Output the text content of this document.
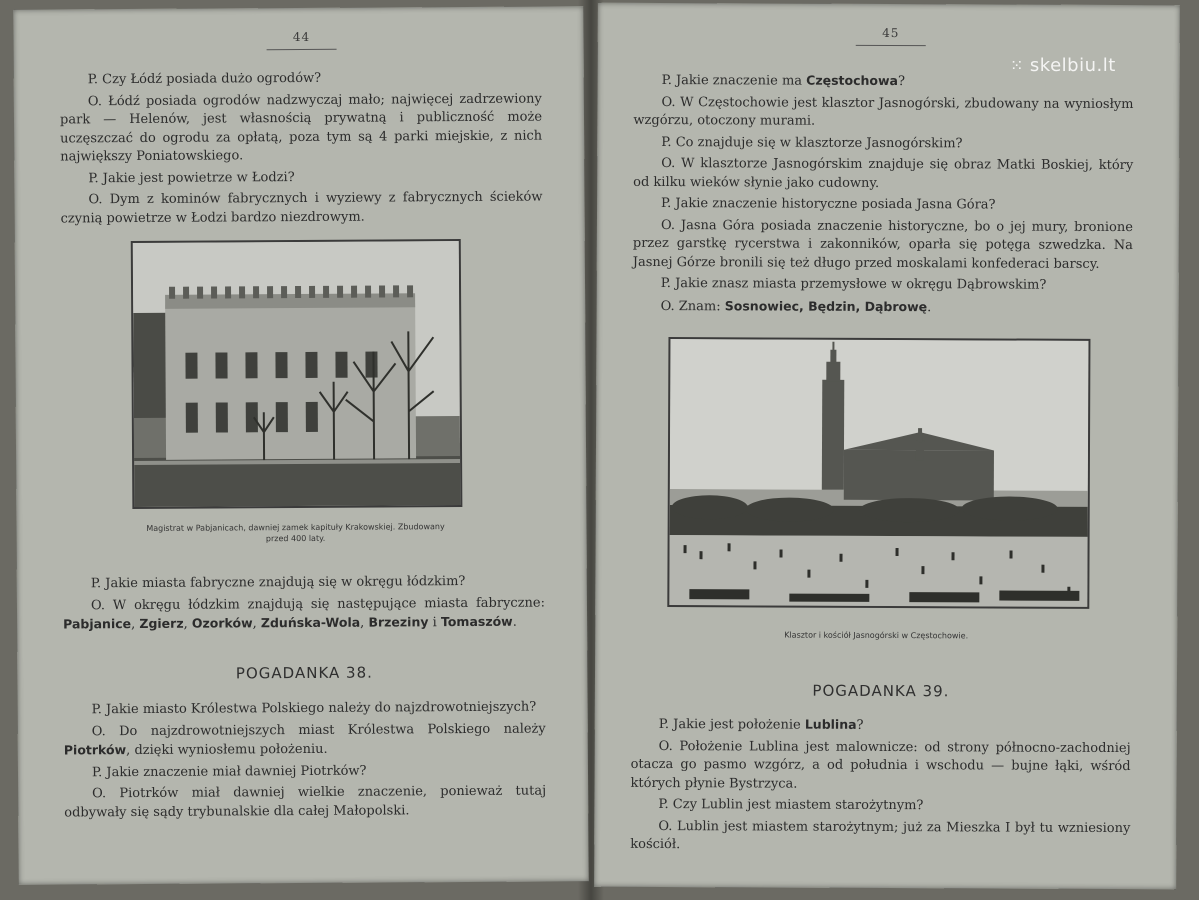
44

P. Czy Łódź posiada dużo ogrodów?

O. Łódź posiada ogrodów nadzwyczaj mało; najwięcej zadrzewiony park — Helenów, jest własnością prywatną i publiczność może uczęszczać do ogrodu za opłatą, poza tym są 4 parki miejskie, z nich największy Poniatowskiego.

P. Jakie jest powietrze w Łodzi?

O. Dym z kominów fabrycznych i wyziewy z fabrycznych ścieków czynią powietrze w Łodzi bardzo niezdrowym.

Magistrat w Pabjanicach, dawniej zamek kapituły Krakowskiej. Zbudowany przed 400 laty.

P. Jakie miasta fabryczne znajdują się w okręgu łódzkim?

O. W okręgu łódzkim znajdują się następujące miasta fabryczne: Pabjanice, Zgierz, Ozorków, Zduńska-Wola, Brzeziny i Tomaszów.

POGADANKA 38.

P. Jakie miasto Królestwa Polskiego należy do najzdrowotniejszych?

O. Do najzdrowotniejszych miast Królestwa Polskiego należy Piotrków, dzięki wyniosłemu położeniu.

P. Jakie znaczenie miał dawniej Piotrków?

O. Piotrków miał dawniej wielkie znaczenie, ponieważ tutaj odbywały się sądy trybunalskie dla całej Małopolski.

45

P. Jakie znaczenie ma Częstochowa?

O. W Częstochowie jest klasztor Jasnogórski, zbudowany na wyniosłym wzgórzu, otoczony murami.

P. Co znajduje się w klasztorze Jasnogórskim?

O. W klasztorze Jasnogórskim znajduje się obraz Matki Boskiej, który od kilku wieków słynie jako cudowny.

P. Jakie znaczenie historyczne posiada Jasna Góra?

O. Jasna Góra posiada znaczenie historyczne, bo o jej mury, bronione przez garstkę rycerstwa i zakonników, oparła się potęga szwedzka. Na Jasnej Górze bronili się też długo przed moskalami konfederaci barscy.

P. Jakie znasz miasta przemysłowe w okręgu Dąbrowskim?

O. Znam: Sosnowiec, Będzin, Dąbrowę.

Klasztor i kościół Jasnogórski w Częstochowie.
POGADANKA 39.

P. Jakie jest położenie Lublina?

O. Położenie Lublina jest malownicze: od strony północno-zachodniej otacza go pasmo wzgórz, a od południa i wschodu — bujne łąki, wśród których płynie Bystrzyca.

P. Czy Lublin jest miastem starożytnym?

O. Lublin jest miastem starożytnym; już za Mieszka I był tu wzniesiony kościół.

⁙ skelbiu.lt
